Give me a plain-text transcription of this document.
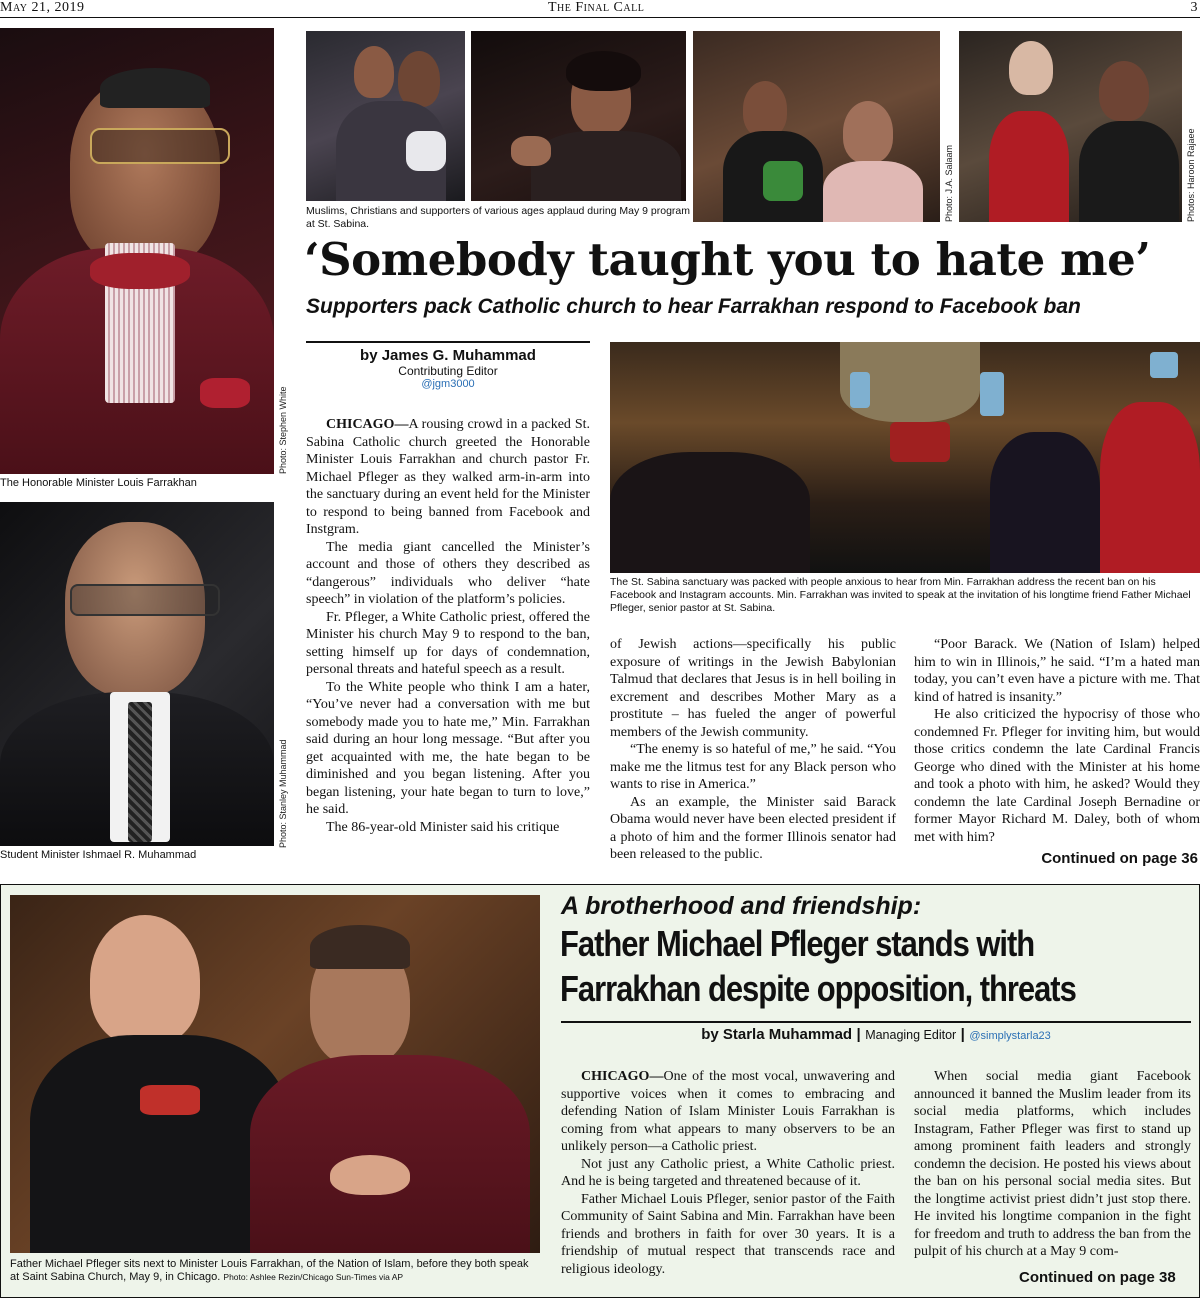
May 21, 2019	The Final Call	3
Photo: Stephen White
The Honorable Minister Louis Farrakhan
Photo: Stanley Muhammad
Student Minister Ishmael R. Muhammad
Photo: J.A. Salaam	Photos: Haroon Rajaee
Muslims, Christians and supporters of various ages applaud during May 9 program at St. Sabina.
‘Somebody taught you to hate me’
Supporters pack Catholic church to hear Farrakhan respond to Facebook ban
by James G. Muhammad
Contributing Editor
@jgm3000

CHICAGO—A rousing crowd in a packed St. Sabina Catholic church greeted the Honorable Minister Louis Farrakhan and church pastor Fr. Michael Pfleger as they walked arm-in-arm into the sanctuary during an event held for the Minister to respond to being banned from Facebook and Instgram.

The media giant cancelled the Minister’s account and those of others they described as “dangerous” individuals who deliver “hate speech” in violation of the platform’s policies.

Fr. Pfleger, a White Catholic priest, offered the Minister his church May 9 to respond to the ban, setting himself up for days of condemnation, personal threats and hateful speech as a result.

To the White people who think I am a hater, “You’ve never had a conversation with me but somebody made you to hate me,” Min. Farrakhan said during an hour long message. “But after you get acquainted with me, the hate began to be diminished and you began listening. After you began listening, your hate began to turn to love,” he said.

The 86-year-old Minister said his critique

The St. Sabina sanctuary was packed with people anxious to hear from Min. Farrakhan address the recent ban on his Facebook and Instagram accounts. Min. Farrakhan was invited to speak at the invitation of his longtime friend Father Michael Pfleger, senior pastor at St. Sabina.

of Jewish actions—specifically his public exposure of writings in the Jewish Babylonian Talmud that declares that Jesus is in hell boiling in excrement and describes Mother Mary as a prostitute – has fueled the anger of powerful members of the Jewish community.

“The enemy is so hateful of me,” he said. “You make me the litmus test for any Black person who wants to rise in America.”

As an example, the Minister said Barack Obama would never have been elected president if a photo of him and the former Illinois senator had been released to the public.

“Poor Barack. We (Nation of Islam) helped him to win in Illinois,” he said. “I’m a hated man today, you can’t even have a picture with me. That kind of hatred is insanity.”

He also criticized the hypocrisy of those who condemned Fr. Pfleger for inviting him, but would those critics condemn the late Cardinal Francis George who dined with the Minister at his home and took a photo with him, he asked? Would they condemn the late Cardinal Joseph Bernadine or former Mayor Richard M. Daley, both of whom met with him?

Continued on page 36
Father Michael Pfleger sits next to Minister Louis Farrakhan, of the Nation of Islam, before they both speak at Saint Sabina Church, May 9, in Chicago. Photo: Ashlee Rezin/Chicago Sun-Times via AP
A brotherhood and friendship:
Father Michael Pfleger stands with
Farrakhan despite opposition, threats
by Starla Muhammad | Managing Editor | @simplystarla23

CHICAGO—One of the most vocal, unwavering and supportive voices when it comes to embracing and defending Nation of Islam Minister Louis Farrakhan is coming from what appears to many observers to be an unlikely person—a Catholic priest.

Not just any Catholic priest, a White Catholic priest. And he is being targeted and threatened because of it.

Father Michael Louis Pfleger, senior pastor of the Faith Community of Saint Sabina and Min. Farrakhan have been friends and brothers in faith for over 30 years. It is a friendship of mutual respect that transcends race and religious ideology.

When social media giant Facebook announced it banned the Muslim leader from its social media platforms, which includes Instagram, Father Pfleger was first to stand up among prominent faith leaders and strongly condemn the decision. He posted his views about the ban on his personal social media sites. But the longtime activist priest didn’t just stop there. He invited his longtime companion in the fight for freedom and truth to address the ban from the pulpit of his church at a May 9 com-

Continued on page 38
